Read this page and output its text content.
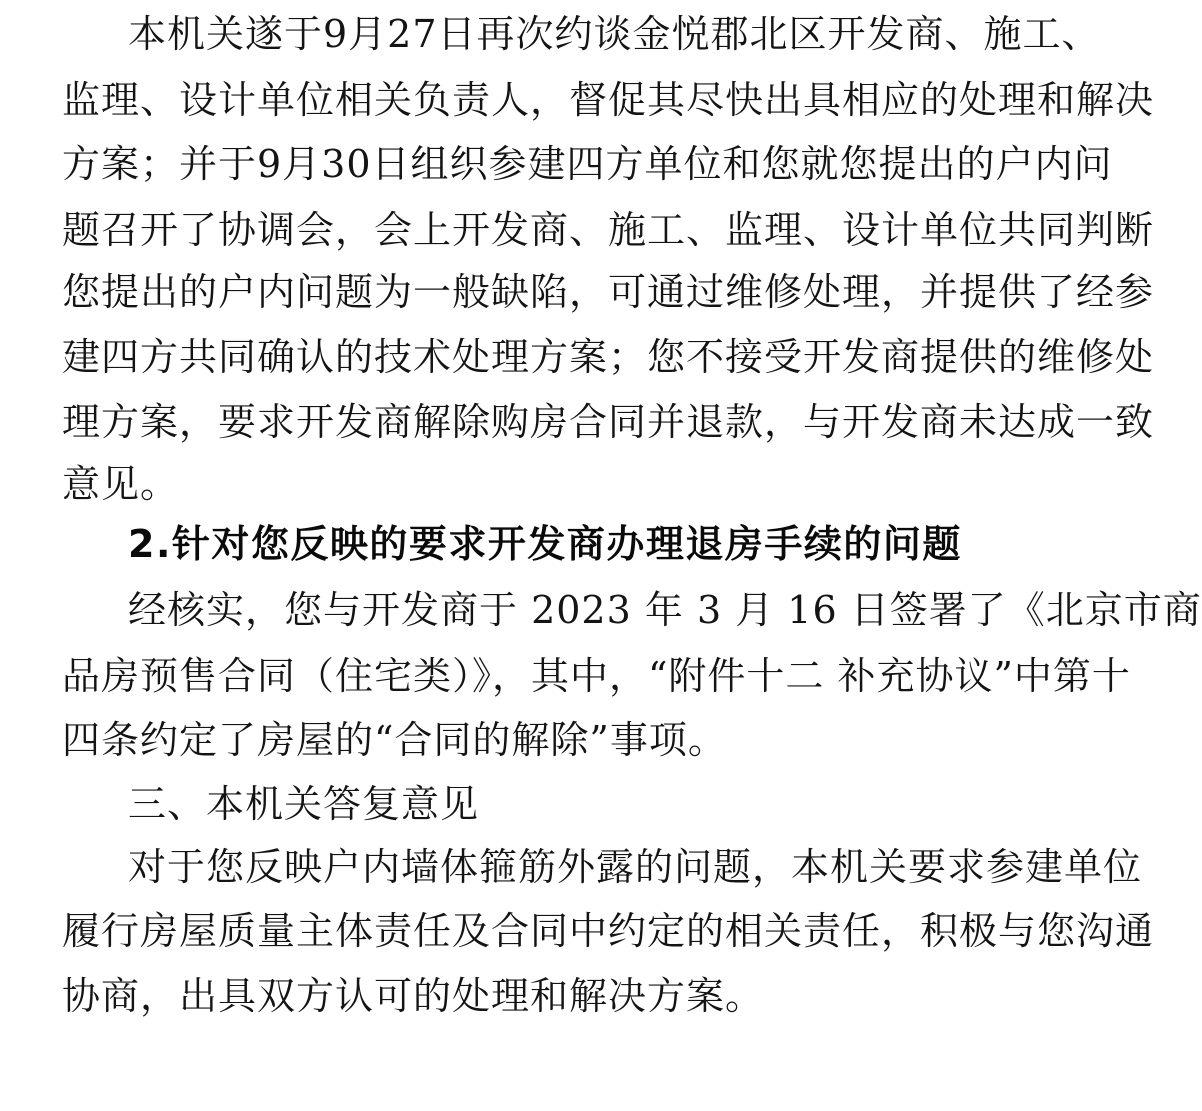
本机关遂于9月27日再次约谈金悦郡北区开发商、施工、
监理、设计单位相关负责人，督促其尽快出具相应的处理和解决
方案；并于9月30日组织参建四方单位和您就您提出的户内问
题召开了协调会，会上开发商、施工、监理、设计单位共同判断
您提出的户内问题为一般缺陷，可通过维修处理，并提供了经参
建四方共同确认的技术处理方案；您不接受开发商提供的维修处
理方案，要求开发商解除购房合同并退款，与开发商未达成一致
意见。
2.针对您反映的要求开发商办理退房手续的问题
经核实，您与开发商于 2023 年 3 月 16 日签署了《北京市商
品房预售合同（住宅类）》，其中，“附件十二 补充协议”中第十
四条约定了房屋的“合同的解除”事项。
三、本机关答复意见
对于您反映户内墙体箍筋外露的问题，本机关要求参建单位
履行房屋质量主体责任及合同中约定的相关责任，积极与您沟通
协商，出具双方认可的处理和解决方案。
